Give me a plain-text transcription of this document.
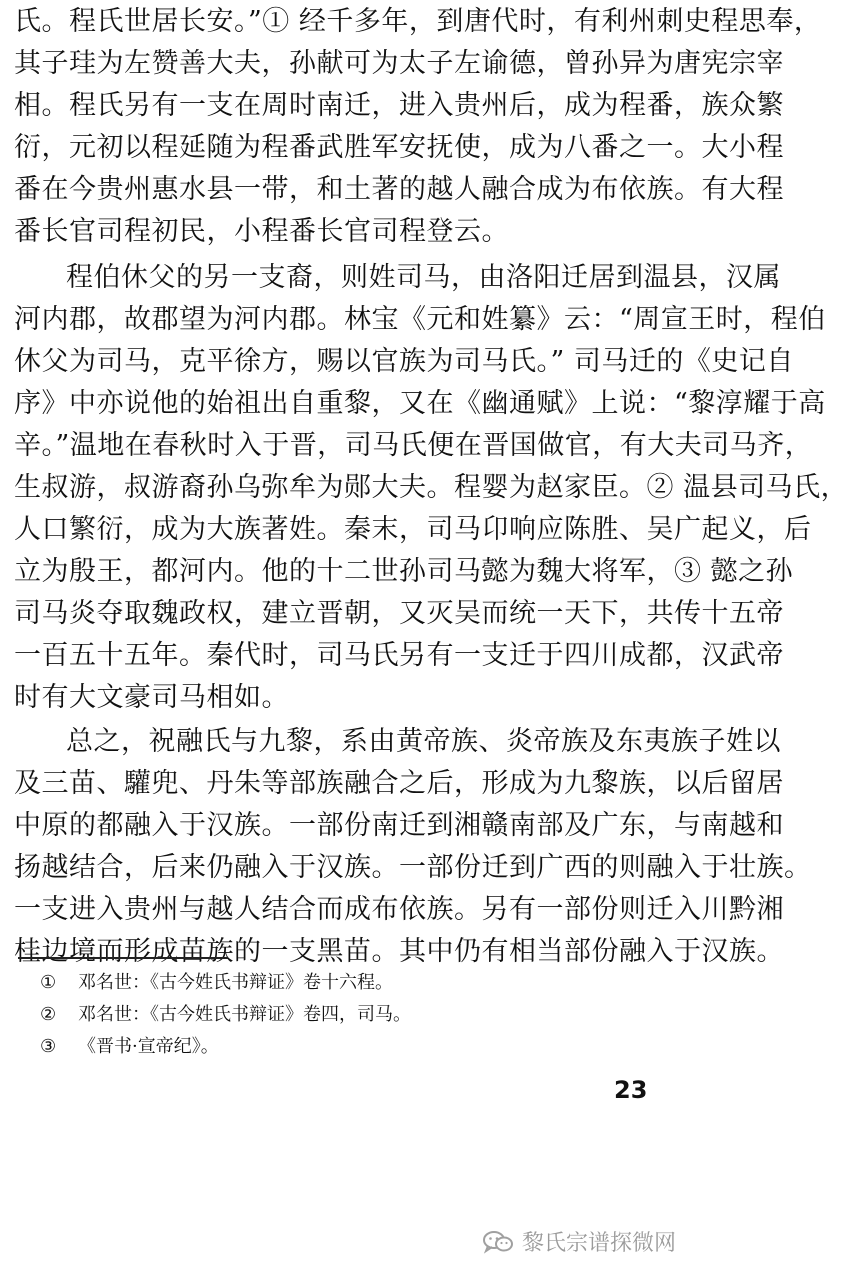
氏。程氏世居长安。”① 经千多年，到唐代时，有利州刺史程思奉，
其子珪为左赞善大夫，孙献可为太子左谕德，曾孙异为唐宪宗宰
相。程氏另有一支在周时南迁，进入贵州后，成为程番，族众繁
衍，元初以程延随为程番武胜军安抚使，成为八番之一。大小程
番在今贵州惠水县一带，和土著的越人融合成为布依族。有大程
番长官司程初民，小程番长官司程登云。
程伯休父的另一支裔，则姓司马，由洛阳迁居到温县，汉属
河内郡，故郡望为河内郡。林宝《元和姓纂》云：“周宣王时，程伯
休父为司马，克平徐方，赐以官族为司马氏。” 司马迁的《史记自
序》中亦说他的始祖出自重黎，又在《幽通赋》上说：“黎淳耀于高
辛。”温地在春秋时入于晋，司马氏便在晋国做官，有大夫司马齐，
生叔游，叔游裔孙乌弥牟为郧大夫。程婴为赵家臣。② 温县司马氏，
人口繁衍，成为大族著姓。秦末，司马卬响应陈胜、吴广起义，后
立为殷王，都河内。他的十二世孙司马懿为魏大将军，③ 懿之孙
司马炎夺取魏政权，建立晋朝，又灭吴而统一天下，共传十五帝
一百五十五年。秦代时，司马氏另有一支迁于四川成都，汉武帝
时有大文豪司马相如。
总之，祝融氏与九黎，系由黄帝族、炎帝族及东夷族子姓以
及三苗、驩兜、丹朱等部族融合之后，形成为九黎族，以后留居
中原的都融入于汉族。一部份南迁到湘赣南部及广东，与南越和
扬越结合，后来仍融入于汉族。一部份迁到广西的则融入于壮族。
一支进入贵州与越人结合而成布依族。另有一部份则迁入川黔湘
桂边境而形成苗族的一支黑苗。其中仍有相当部份融入于汉族。
① 邓名世：《古今姓氏书辩证》卷十六程。
② 邓名世：《古今姓氏书辩证》卷四，司马。
③ 《晋书·宣帝纪》。
23
黎氏宗谱探微网
